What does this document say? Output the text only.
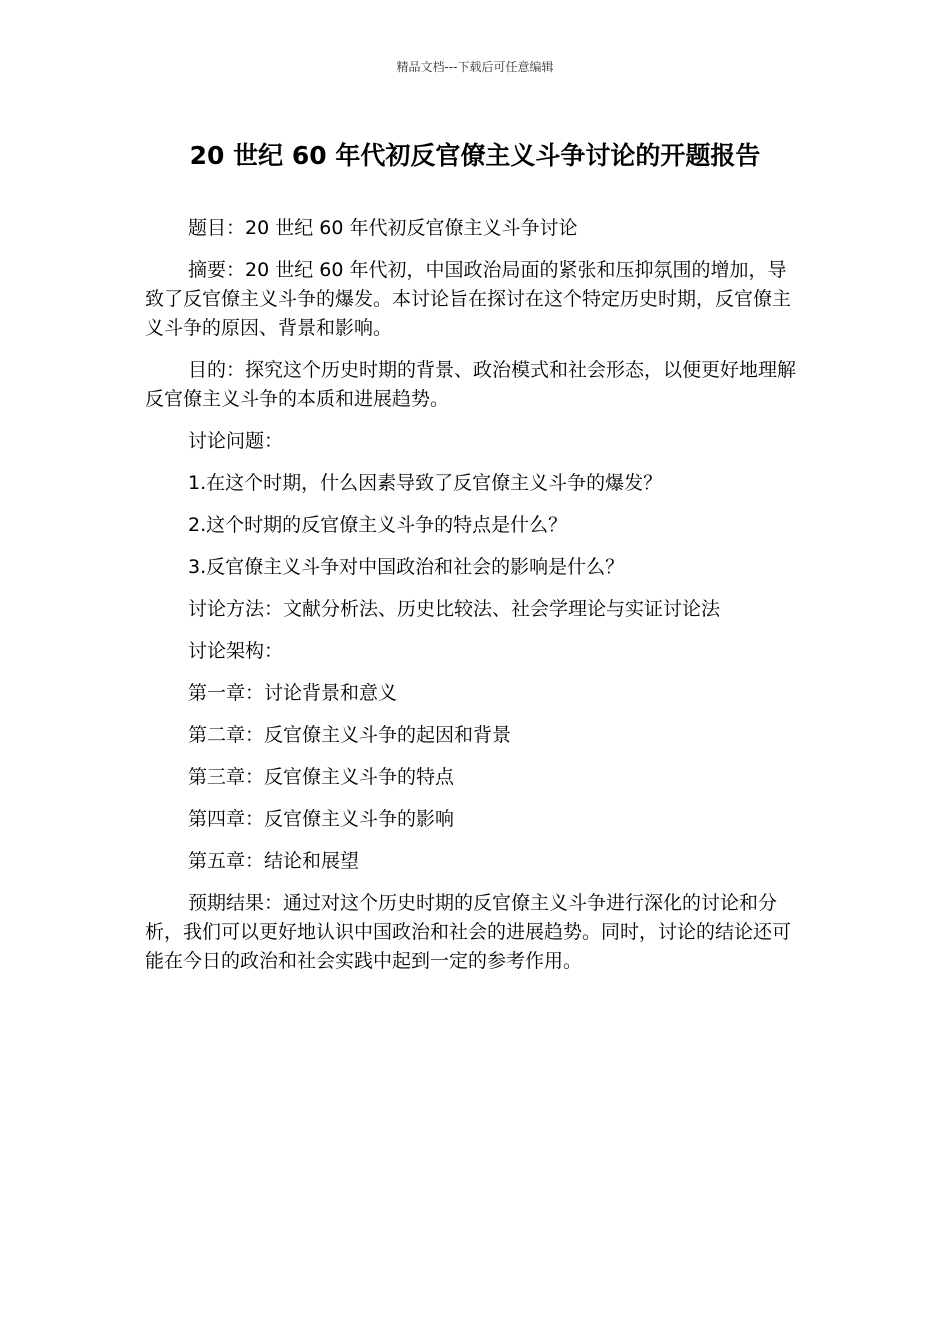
精品文档---下载后可任意编辑
20 世纪 60 年代初反官僚主义斗争讨论的开题报告

题目：20 世纪 60 年代初反官僚主义斗争讨论

摘要：20 世纪 60 年代初，中国政治局面的紧张和压抑氛围的增加，导致了反官僚主义斗争的爆发。本讨论旨在探讨在这个特定历史时期，反官僚主义斗争的原因、背景和影响。

目的：探究这个历史时期的背景、政治模式和社会形态，以便更好地理解反官僚主义斗争的本质和进展趋势。

讨论问题：

1.在这个时期，什么因素导致了反官僚主义斗争的爆发？

2.这个时期的反官僚主义斗争的特点是什么？

3.反官僚主义斗争对中国政治和社会的影响是什么？

讨论方法：文献分析法、历史比较法、社会学理论与实证讨论法

讨论架构：

第一章：讨论背景和意义

第二章：反官僚主义斗争的起因和背景

第三章：反官僚主义斗争的特点

第四章：反官僚主义斗争的影响

第五章：结论和展望

预期结果：通过对这个历史时期的反官僚主义斗争进行深化的讨论和分析，我们可以更好地认识中国政治和社会的进展趋势。同时，讨论的结论还可能在今日的政治和社会实践中起到一定的参考作用。
